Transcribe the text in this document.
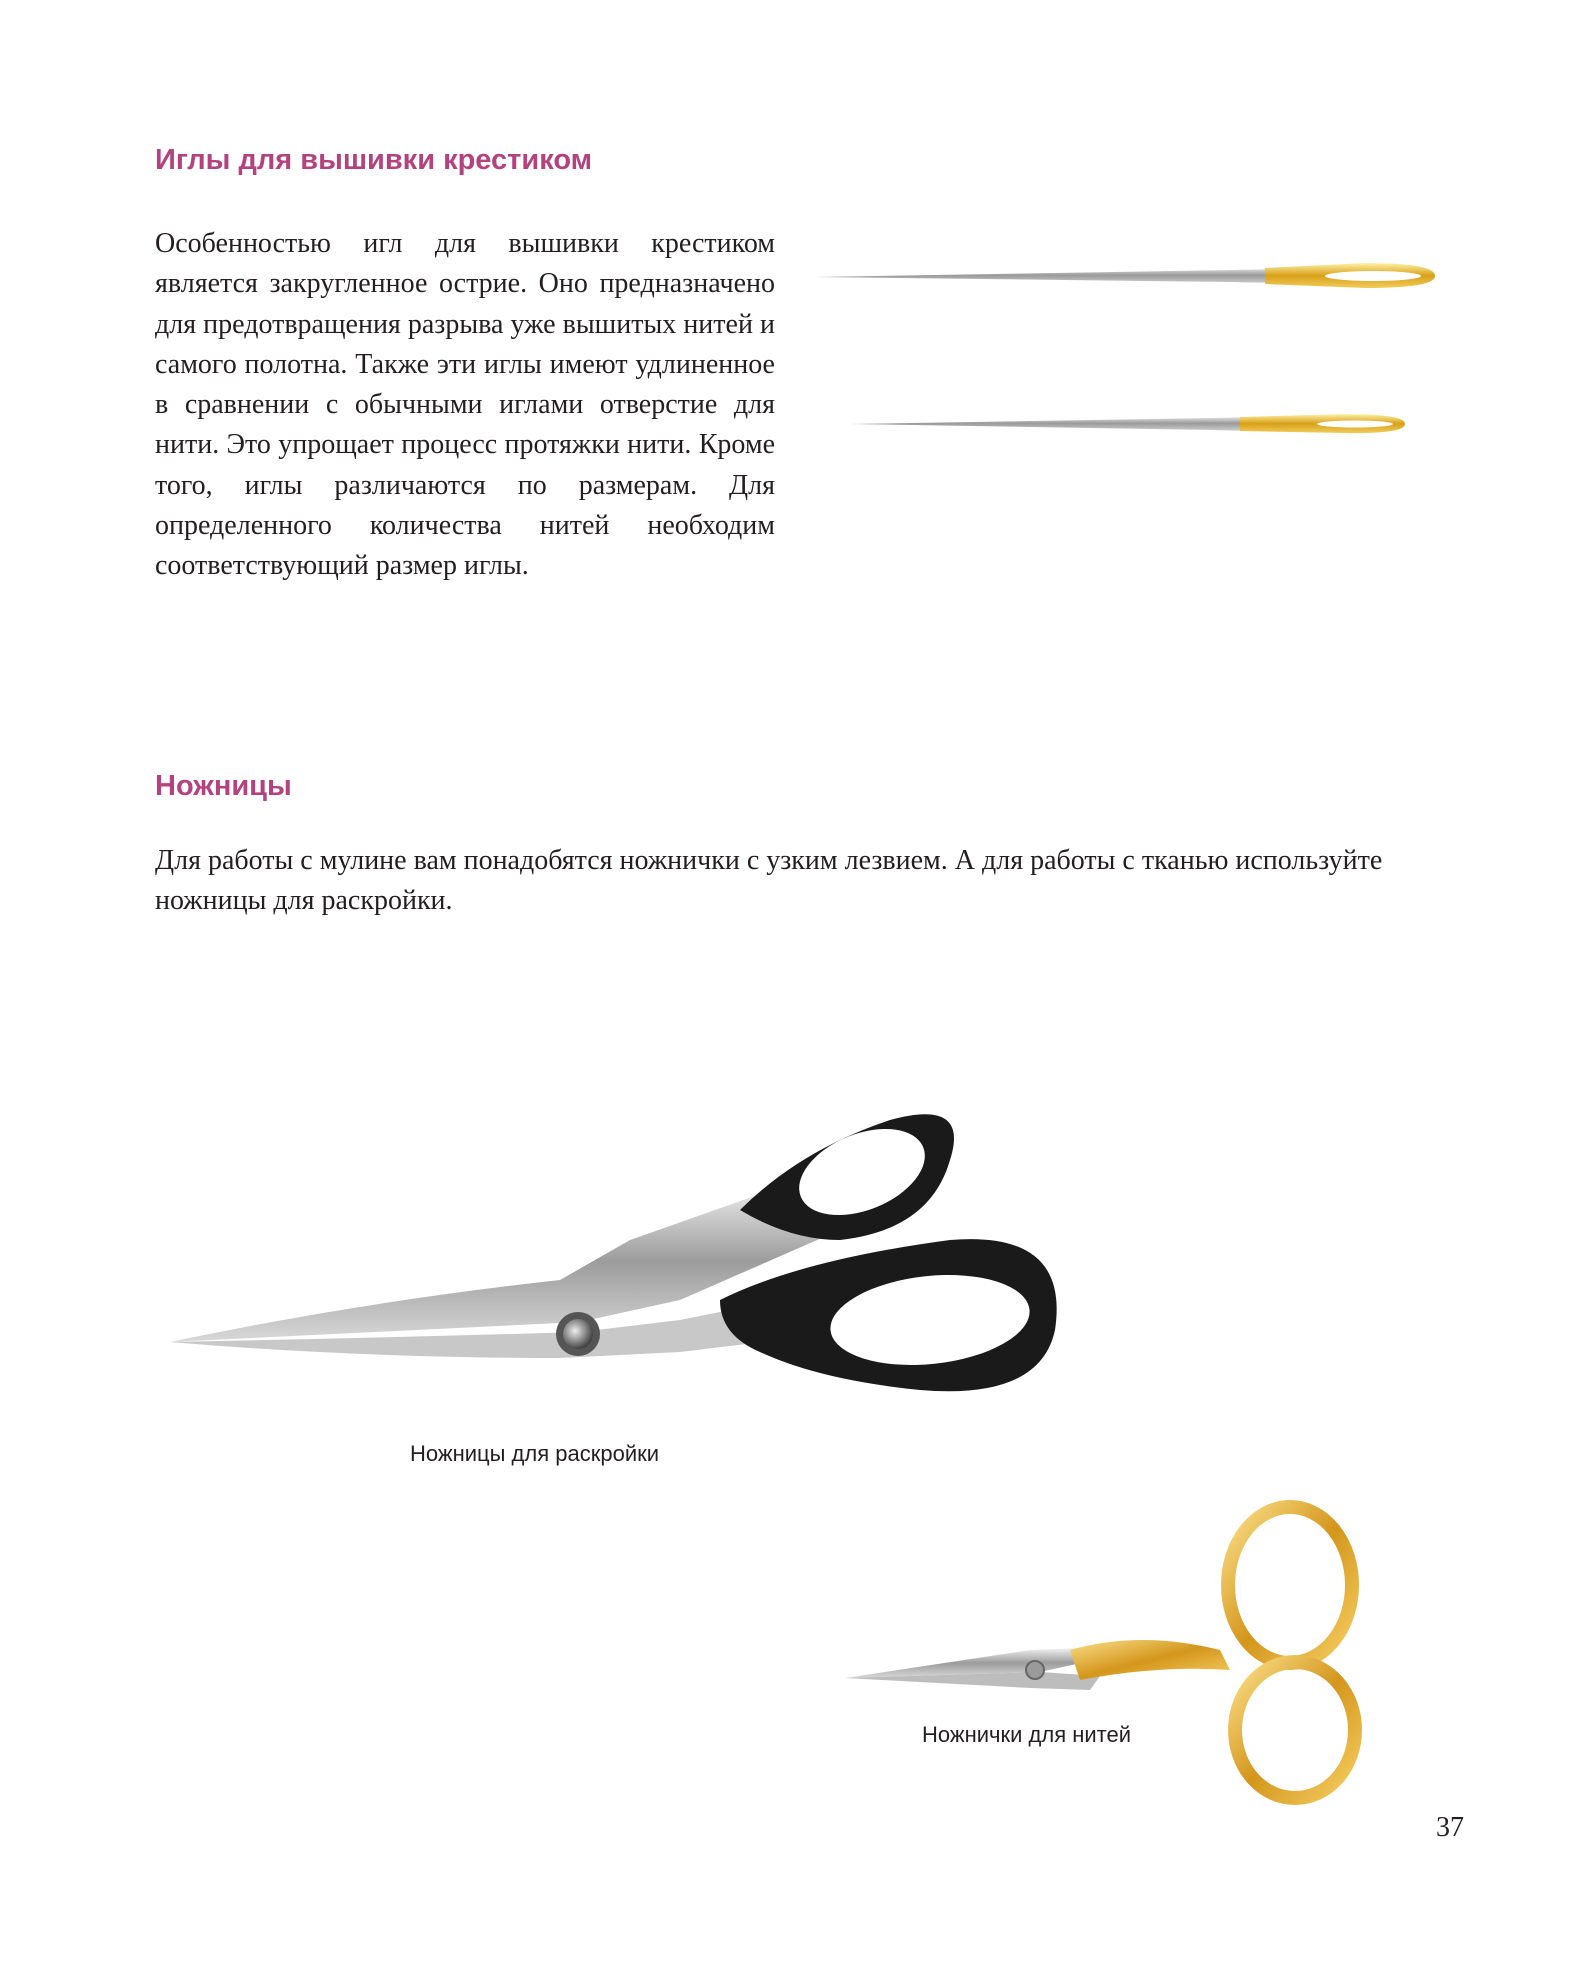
Иглы для вышивки крестиком

Особенностью игл для вышивки крестиком является закругленное острие. Оно предназначено для предотвращения разрыва уже вышитых нитей и самого полотна. Также эти иглы имеют удлиненное в сравнении с обычными иглами отверстие для нити. Это упрощает процесс протяжки нити. Кроме того, иглы различаются по размерам. Для определенного количества нитей необходим соответствующий размер иглы.

Ножницы

Для работы с мулине вам понадобятся ножнички с узким лезвием. А для работы с тканью используйте ножницы для раскройки.

Ножницы для раскройки

Ножнички для нитей

37
